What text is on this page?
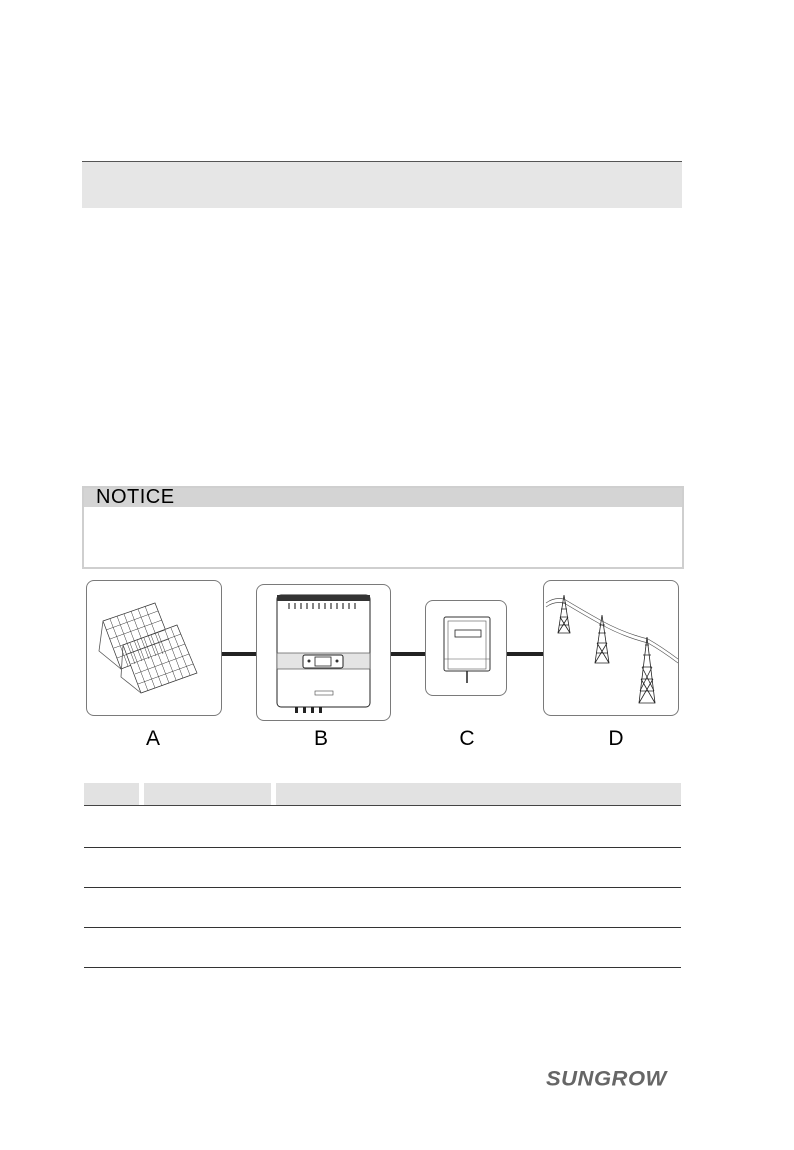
NOTICE
A	B	C	D
SUNGROW
